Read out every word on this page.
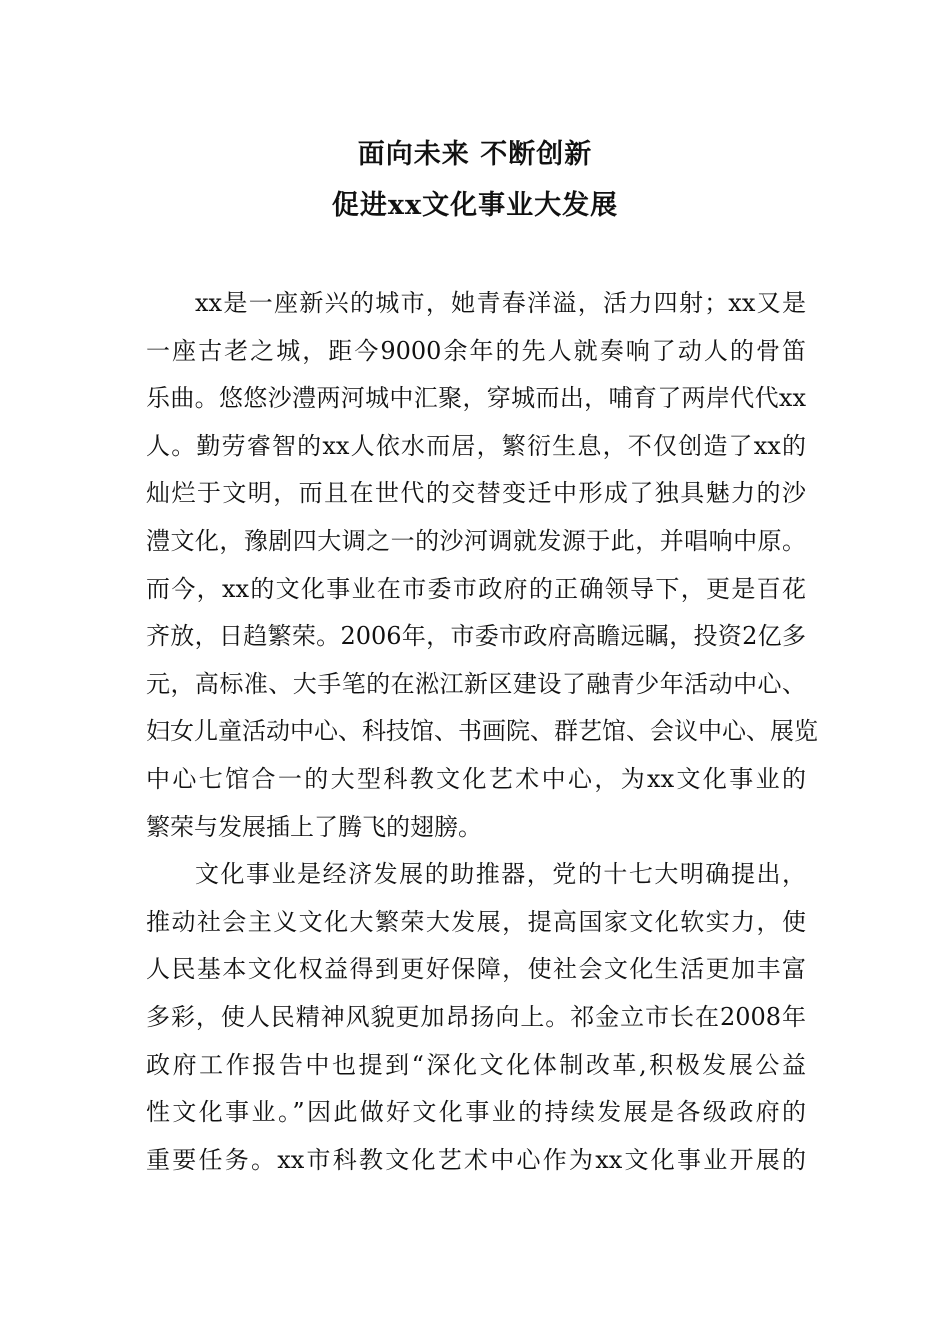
面向未来 不断创新
促进xx文化事业大发展
xx是一座新兴的城市，她青春洋溢，活力四射；xx又是
一座古老之城，距今9000余年的先人就奏响了动人的骨笛
乐曲。悠悠沙澧两河城中汇聚，穿城而出，哺育了两岸代代xx
人。勤劳睿智的xx人依水而居，繁衍生息，不仅创造了xx的
灿烂于文明，而且在世代的交替变迁中形成了独具魅力的沙
澧文化，豫剧四大调之一的沙河调就发源于此，并唱响中原。
而今，xx的文化事业在市委市政府的正确领导下，更是百花
齐放，日趋繁荣。2006年，市委市政府高瞻远瞩，投资2亿多
元，高标准、大手笔的在淞江新区建设了融青少年活动中心、
妇女儿童活动中心、科技馆、书画院、群艺馆、会议中心、展览
中心七馆合一的大型科教文化艺术中心，为xx文化事业的
繁荣与发展插上了腾飞的翅膀。
文化事业是经济发展的助推器，党的十七大明确提出，
推动社会主义文化大繁荣大发展，提高国家文化软实力，使
人民基本文化权益得到更好保障，使社会文化生活更加丰富
多彩，使人民精神风貌更加昂扬向上。祁金立市长在2008年
政府工作报告中也提到“深化文化体制改革,积极发展公益
性文化事业。”因此做好文化事业的持续发展是各级政府的
重要任务。xx市科教文化艺术中心作为xx文化事业开展的
